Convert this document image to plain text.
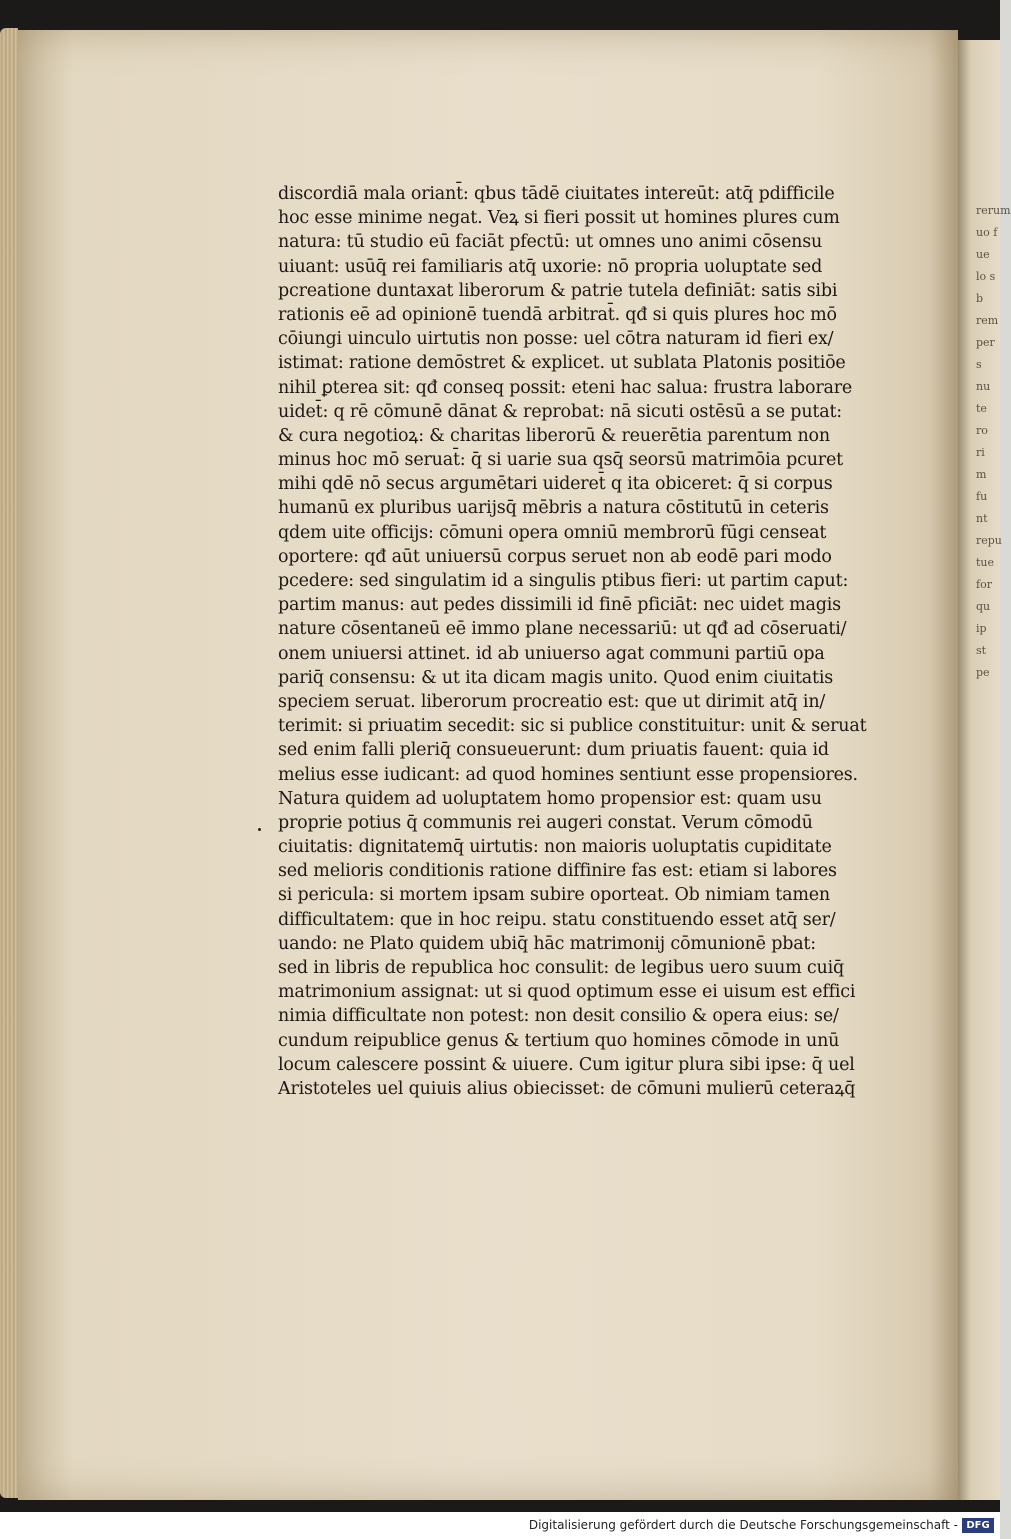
rerum
uo f
ue
lo s
b
rem
per
s
nu
te
ro
ri
m
fu
nt
repu
tue
for
qu
ip
st
pe
discordiā mala oriant̄: qbus tādē ciuitates intereūt: atq̄ pdifficile
hoc esse minime negat. Veꝝ si fieri possit ut homines plures cum
natura: tū studio eū faciāt pfectū: ut omnes uno animi cōsensu
uiuant: usūq̄ rei familiaris atq̄ uxorie: nō propria uoluptate sed
pcreatione duntaxat liberorum & patrie tutela definiāt: satis sibi
rationis eē ad opinionē tuendā arbitrat̄. qđ si quis plures hoc mō
cōiungi uinculo uirtutis non posse: uel cōtra naturam id fieri ex/
istimat: ratione demōstret & explicet. ut sublata Platonis positiōe
nihil ꝑterea sit: qđ conseq possit: eteni hac salua: frustra laborare
uidet̄: q rē cōmunē dānat & reprobat: nā sicuti ostēsū a se putat:
& cura negotioꝝ: & charitas liberorū & reuerētia parentum non
minus hoc mō seruat̄: q̄ si uarie sua qsq̄ seorsū matrimōia pcuret
mihi qdē nō secus argumētari uideret̄ q ita obiceret: q̄ si corpus
humanū ex pluribus uarijsq̄ mēbris a natura cōstitutū in ceteris
qdem uite officijs: cōmuni opera omniū membrorū fūgi censeat
oportere: qđ aūt uniuersū corpus seruet non ab eodē pari modo
pcedere: sed singulatim id a singulis ptibus fieri: ut partim caput:
partim manus: aut pedes dissimili id finē pficiāt: nec uidet magis
nature cōsentaneū eē immo plane necessariū: ut qđ ad cōseruati/
onem uniuersi attinet. id ab uniuerso agat communi partiū opa
pariq̄ consensu: & ut ita dicam magis unito. Quod enim ciuitatis
speciem seruat. liberorum procreatio est: que ut dirimit atq̄ in/
terimit: si priuatim secedit: sic si publice constituitur: unit & seruat
sed enim falli pleriq̄ consueuerunt: dum priuatis fauent: quia id
melius esse iudicant: ad quod homines sentiunt esse propensiores.
Natura quidem ad uoluptatem homo propensior est: quam usu
proprie potius q̄ communis rei augeri constat. Verum cōmodū
ciuitatis: dignitatemq̄ uirtutis: non maioris uoluptatis cupiditate
sed melioris conditionis ratione diffinire fas est: etiam si labores
si pericula: si mortem ipsam subire oporteat. Ob nimiam tamen
difficultatem: que in hoc reipu. statu constituendo esset atq̄ ser/
uando: ne Plato quidem ubiq̄ hāc matrimonij cōmunionē pbat:
sed in libris de republica hoc consulit: de legibus uero suum cuiq̄
matrimonium assignat: ut si quod optimum esse ei uisum est effici
nimia difficultate non potest: non desit consilio & opera eius: se/
cundum reipublice genus & tertium quo homines cōmode in unū
locum calescere possint & uiuere. Cum igitur plura sibi ipse: q̄ uel
Aristoteles uel quiuis alius obiecisset: de cōmuni mulierū ceteraꝝq̄
Digitalisierung gefördert durch die Deutsche Forschungsgemeinschaft - DFG
